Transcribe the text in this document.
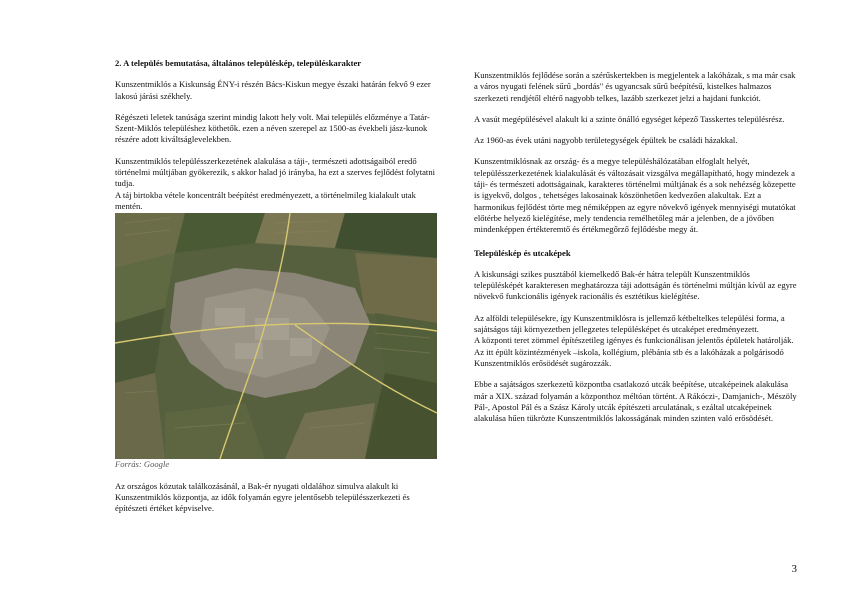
2. A település bemutatása, általános településkép, településkarakter

Kunszentmiklós a Kiskunság ÉNY-i részén Bács-Kiskun megye északi határán fekvő 9 ezer lakosú járási székhely.

Régészeti leletek tanúsága szerint mindig lakott hely volt. Mai település előzménye a Tatár-Szent-Miklós településhez köthetők. ezen a néven szerepel az 1500-as évekbeli jász-kunok részére adott kiváltságlevelekben.

Kunszentmiklós településszerkezetének alakulása a táji-, természeti adottságaiból eredő történelmi múltjában gyökerezik, s akkor halad jó irányba, ha ezt a szerves fejlődést folytatni tudja.

A táj birtokba vétele koncentrált beépítést eredményezett, a történelmileg kialakult utak mentén.

Forrás: Google

Az országos közutak találkozásánál, a Bak-ér nyugati oldalához simulva alakult ki Kunszentmiklós központja, az idők folyamán egyre jelentősebb településszerkezeti és építészeti értéket képviselve.

Kunszentmiklós fejlődése során a szérűskertekben is megjelentek a lakóházak, s ma már csak a város nyugati felének sűrű „bordás" és ugyancsak sűrű beépítésű, kistelkes halmazos szerkezeti rendjétől eltérő nagyobb telkes, lazább szerkezet jelzi a hajdani funkciót.

A vasút megépülésével alakult ki a szinte önálló egységet képező Tasskertes településrész.

Az 1960-as évek utáni nagyobb területegységek épültek be családi házakkal.

Kunszentmiklósnak az ország- és a megye településhálózatában elfoglalt helyét, településszerkezetének kialakulását és változásait vizsgálva megállapítható, hogy mindezek a táji- és természeti adottságainak, karakteres történelmi múltjának és a sok nehézség közepette is igyekvő, dolgos , tehetséges lakosainak köszönhetően kedvezően alakultak. Ezt a harmonikus fejlődést törte meg némiképpen az egyre növekvő igények mennyiségi mutatókat előtérbe helyező kielégítése, mely tendencia remélhetőleg már a jelenben, de a jövőben mindenképpen értékteremtő és értékmegőrző fejlődésbe megy át.

Településkép és utcaképek

A kiskunsági szikes pusztából kiemelkedő Bak-ér hátra települt Kunszentmiklós településképét karakteresen meghatározza táji adottságán és történelmi múltján kívül az egyre növekvő funkcionális igények racionális és esztétikus kielégítése.

Az alföldi településekre, így Kunszentmiklósra is jellemző kétbeltelkes települési forma, a sajátságos táji környezetben jellegzetes településképet és utcaképet eredményezett.

A központi teret zömmel építészetileg igényes és funkcionálisan jelentős épületek határolják. Az itt épült közintézmények –iskola, kollégium, plébánia stb és a lakóházak a polgárisodó Kunszentmiklós erősödését sugározzák.

Ebbe a sajátságos szerkezetű központba csatlakozó utcák beépítése, utcaképeinek alakulása már a XIX. század folyamán a központhoz méltóan történt. A Rákóczi-, Damjanich-, Mészöly Pál-, Apostol Pál és a Szász Károly utcák építészeti arculatának, s ezáltal utcaképeinek alakulása hűen tükrözte Kunszentmiklós lakosságának minden szinten való erősödését.

3
